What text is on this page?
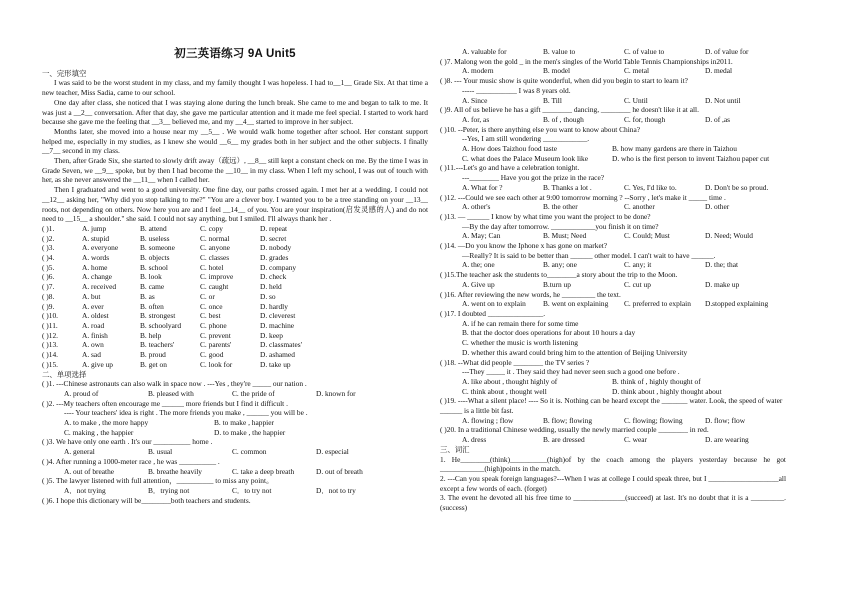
初三英语练习 9A Unit5
一、完形填空

I was said to be the worst student in my class, and my family thought I was hopeless. I had to__1__ Grade Six. At that time a new teacher, Miss Sadia, came to our school.

One day after class, she noticed that I was staying alone during the lunch break. She came to me and began to talk to me. It was just a __2__ conversation. After that day, she gave me particular attention and it made me feel special. I started to work hard because she gave me the feeling that __3__ believed me, and my __4__ started to improve in her subject.

Months later, she moved into a house near my __5__ . We would walk home together after school. Her constant support helped me, especially in my studies, as I knew she would __6__ my grades both in her subject and the other subjects. I finally __7__ second in my class.

Then, after Grade Six, she started to slowly drift away（疏远）, __8__ still kept a constant check on me. By the time I was in Grade Seven, we __9__ spoke, but by then I had become the __10__ in my class. When I left my school, I was out of touch with her, as she never answered the __11__ when I called her.

Then I graduated and went to a good university. One fine day, our paths crossed again. I met her at a wedding. I could not __12__ asking her, "Why did you stop talking to me?" "You are a clever boy. I wanted you to be a tree standing on your __13__ roots, not depending on others. Now here you are and I feel __14__ of you. You are your inspiration(启发灵感的人) and do not need to __15__ a shoulder." she said. I could not say anything, but I smiled. I'll always thank her .

( )1.	A. jump	B. attend	C. copy	D. repeat
( )2.	A. stupid	B. useless	C. normal	D. secret
( )3.	A. everyone	B. someone	C. anyone	D. nobody
( )4.	A. words	B. objects	C. classes	D. grades
( )5.	A. home	B. school	C. hotel	D. company
( )6.	A. change	B. look	C. improve	D. check
( )7.	A. received	B. came	C. caught	D. held
( )8.	A. but	B. as	C. or	D. so
( )9.	A. ever	B. often	C. once	D. hardly
( )10.	A. oldest	B. strongest	C. best	D. cleverest
( )11.	A. road	B. schoolyard	C. phone	D. machine
( )12.	A. finish	B. help	C. prevent	D. keep
( )13.	A. own	B. teachers'	C. parents'	D. classmates'
( )14.	A. sad	B. proud	C. good	D. ashamed
( )15.	A. give up	B. get on	C. look for	D. take up
二、单项选择
( )1. ---Chinese astronauts can also walk in space now . ---Yes , they're _____ our nation .
A. proud of	B. pleased with	C. the pride of	D. known for
( )2. ---My teachers often encourage me ______ more friends but I find it difficult .
---- Your teachers' idea is right . The more friends you make , ______ you will be .
A. to make , the more happy	B. to make , happier
C. making , the happier	D. to make , the happier
( )3. We have only one earth . It's our __________ home .
A. general	B. usual	C. common	D. especial
( )4. After running a 1000-meter race , he was __________ .
A. out of breathe	B. breathe heavily	C. take a deep breath	D. out of breath
( )5. The lawyer listened with full attention，__________ to miss any point。
A．not trying	B．trying not	C．to try not	D．not to try
( )6. I hope this dictionary will be________both teachers and students.
A. valuable for	B. value to	C. of value to	D. of value for
( )7. Malong won the gold _ in the men's singles of the World Table Tennis Championships in2011.
A. modern	B. model	C. metal	D. medal
( )8. --- Your music show is quite wonderful, when did you begin to start to learn it?
----- ___________ I was 8 years old.
A. Since	B. Till	C. Until	D. Not until
( )9. All of us believe he has a gift ________ dancing, ________ he doesn't like it at all.
A. for, as	B. of , though	C. for, though	D. of ,as
( )10. --Peter, is there anything else you want to know about China?
--Yes, I am still wondering ____________.
A. How does Taizhou food taste	B. how many gardens are there in Taizhou
C. what does the Palace Museum look like	D. who is the first person to invent Taizhou paper cut
( )11.---Let's go and have a celebration tonight.
---________ Have you got the prize in the race?
A. What for ?	B. Thanks a lot .	C. Yes, I'd like to.	D. Don't be so proud.
( )12. ---Could we see each other at 9:00 tomorrow morning ? --Sorry , let's make it _____ time .
A. other's	B. the other	C. another	D. other
( )13. — ______ I know by what time you want the project to be done?
—By the day after tomorrow. ____________you finish it on time?
A. May; Can	B. Must; Need	C. Could; Must	D. Need; Would
( )14. —Do you know the Iphone x has gone on market?
—Really? It is said to be better than ______ other model. I can't wait to have ______.
A. the; one	B. any; one	C. any; it	D. the; that
( )15.The teacher ask the students to________a story about the trip to the Moon.
A. Give up	B.turn up	C. cut up	D. make up
( )16. After reviewing the new words, he _________ the text.
A. went on to explain	B. went on explaining	C. preferred to explain	D.stopped explaining
( )17. I doubted _______________.
A. if he can remain there for some time
B. that the doctor does operations for about 10 hours a day
C. whether the music is worth listening
D. whether this award could bring him to the attention of Beijing University
( )18. --What did people ________ the TV series ?
---They _____ it . They said they had never seen such a good one before .
A. like about , thought highly of	B. think of , highly thought of
C. think about , thought well	D. think about , highly thought about
( )19. ----What a silent place! ---- So it is. Nothing can be heard except the _______ water. Look, the speed of water ______ is a little bit fast.
A. flowing ; flow	B. flow; flowing	C. flowing; flowing	D. flow; flow
( )20. In a traditional Chinese wedding, usually the newly married couple ________ in red.
A. dress	B. are dressed	C. wear	D. are wearing
三、词汇
1. He________(think)__________(high)of by the coach among the players yesterday because he got ____________(high)points in the match.
2. ---Can you speak foreign languages?---When I was at college I could speak three, but I ___________________all except a few words of each. (forget)
3. The event he devoted all his free time to ______________(succeed) at last. It's no doubt that it is a _________. (success)
